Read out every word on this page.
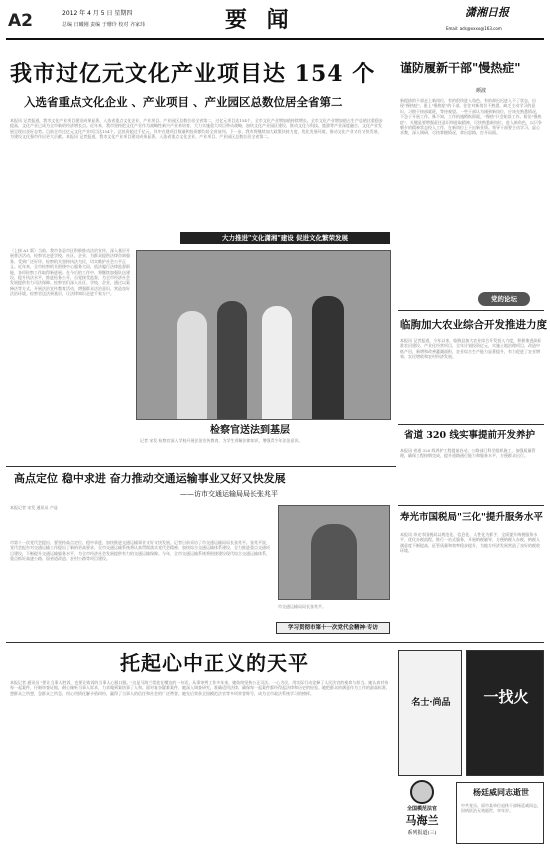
A2	2012 年 4 月 5 日 星期四
总编 日曦刚 责编 于珊玲 校对 齐家玮	要 闻	潇湘日报
Email: ads@xxxx@163.com
我市过亿元文化产业项目达 154 个
入选省重点文化企业 、产业项目 、产业园区总数位居全省第二
本报讯 记者报道，我市文化产业项目建设成果显著，入选省重点文化企业、产业项目、产业园区总数位居全省第二，过亿元项目达154个，全市文化产业增加值持续增长。全市文化产业增加值占生产总值比重稳步提高，文化产业已成为全市新的经济增长点。近年来，我市坚持把文化产业作为战略性新兴产业来培育，大力实施重大项目带动战略，加快文化产业园区建设，推动文化与科技、旅游等产业深度融合，文化产业发展呈现出良好态势。目前全市过亿元文化产业项目达154个，总投资超过千亿元，其中在建项目数量和投资额均居全省前列。下一步，我市将继续加大政策扶持力度，优化发展环境，推动文化产业又好又快发展，为建设文化强市作出更大贡献。本报讯 记者报道，我市文化产业项目建设成果显著，入选省重点文化企业、产业项目、产业园区总数位居全省第二。
大力推进"文化潇湘"建设 促进文化繁荣发展
（上接 A1 版）当前，我市各县市区积极推动法治宣传，深入基层开展普法活动，检察官走进学校、社区、企业，为群众提供法律咨询服务，受到广泛好评。检察机关坚持执法为民，切实维护社会公平正义。近年来，全市检察机关围绕中心服务大局，依法履行法律监督职能，各项检察工作取得新进展。在今后的工作中，将继续加强队伍建设，提升执法水平，推进检务公开，自觉接受监督，为全市经济社会发展提供有力司法保障。检察官们深入社区、学校、企业，通过以案释法等方式，开展法治宣传教育活动，增强群众法治意识，营造良好法治环境。检察官送法到基层，让法律知识走进千家万户。
检察官送法到基层
记者 宋发 检察官深入学校开展法治宣传教育，为学生讲解法律知识，增强青少年法治意识。
谨防履新干部"慢热症"
颜波
新提拔的干部走上新岗位，有的很快进入角色，有的却迟迟进入不了状态，出现"慢热症"。患上"慢热症"的干部，往往对新岗位不熟悉，缺乏主动学习的意识，习惯于按部就班，等待观望。一些干部认为刚到新岗位，应该先熟悉情况，不急于开展工作。殊不知，工作机遇稍纵即逝，"慢热"只会贻误工作。防治"慢热症"，关键是要增强责任意识和进取精神，尽快熟悉新岗位、进入新角色，以只争朝夕的精神状态投入工作，在新岗位上干出新业绩。领导干部要主动学习，虚心求教，深入调研，尽快掌握情况，拿出思路，打开局面。
党的论坛
临朐加大农业综合开发推进力度
本报讯 记者报道，今年以来，临朐县加大农业综合开发投入力度，积极推进高标准农田建设、产业化经营项目，全年计划投资亿元，实施土地治理项目，改造中低产田，新增和改善灌溉面积，农业综合生产能力显著提升，有力促进了农业增效、农民增收和农村经济发展。
省道 320 线实事提前开发养护
本报讯 省道 320 线养护工程提前启动，公路部门科学组织施工，加强质量管理，确保工程按期完成，提升道路通行能力和服务水平，方便群众出行。
寿光市国税局"三化"提升服务水平
本报讯 寿光市国税局以规范化、信息化、人性化为抓手，全面提升纳税服务水平，优化办税流程，推行一站式服务，开展纳税辅导，方便纳税人办税，纳税人满意度不断提高，征管质量和效率稳步提升，为地方经济发展营造了良好的税收环境。
高点定位 稳中求进 奋力推动交通运输事业又好又快发展
——访市交通运输局局长张兆平
本报记者 宋发 通讯员 卢显
市第十一次党代会提出，要坚持高点定位、稳中求进，加快推进交通运输事业又好又快发展。记者日前采访了市交通运输局局长张兆平。张兆平说，党代会报告对交通运输工作提出了新的更高要求，全市交通运输系统将认真贯彻落实党代会精神，加快综合交通运输体系建设，全力推进重点交通项目建设，不断提升交通运输服务水平，为全市经济社会发展提供有力的交通运输保障。今年，全市交通运输系统将围绕建设现代综合交通运输体系，重点抓好高速公路、国省道改造、农村公路等项目建设。
市交通运输局局长张兆平。
学习贯彻市第十一次党代会精神·专访
托起心中正义的天平
本报记者 通讯员 "要让当事人胜诉，也要让败诉的当事人心服口服。"这是马海兰常挂在嘴边的一句话。从事审判工作多年来，她始终坚持公正司法、一心为民，用实际行动诠释了人民法官的使命与担当。她认真对待每一起案件，仔细审查证据，耐心倾听当事人诉求，力求做到案结事了人和。面对复杂疑难案件，她深入调查研究，准确适用法律，确保每一起案件都经得起法律和历史的检验。她把群众的满意作为工作的最高标准，想群众之所想，急群众之所急，用心用情化解矛盾纠纷，赢得了当事人的信任和社会的广泛赞誉。她先后荣获全国模范法官等多项荣誉称号，成为全市政法系统学习的榜样。
全国模范法官
马海兰
系列报道(三)
名士·尚品	一找火
杨廷威同志逝世
中共党员、原市某单位退休干部杨廷威同志，因病医治无效逝世，享年岁。
